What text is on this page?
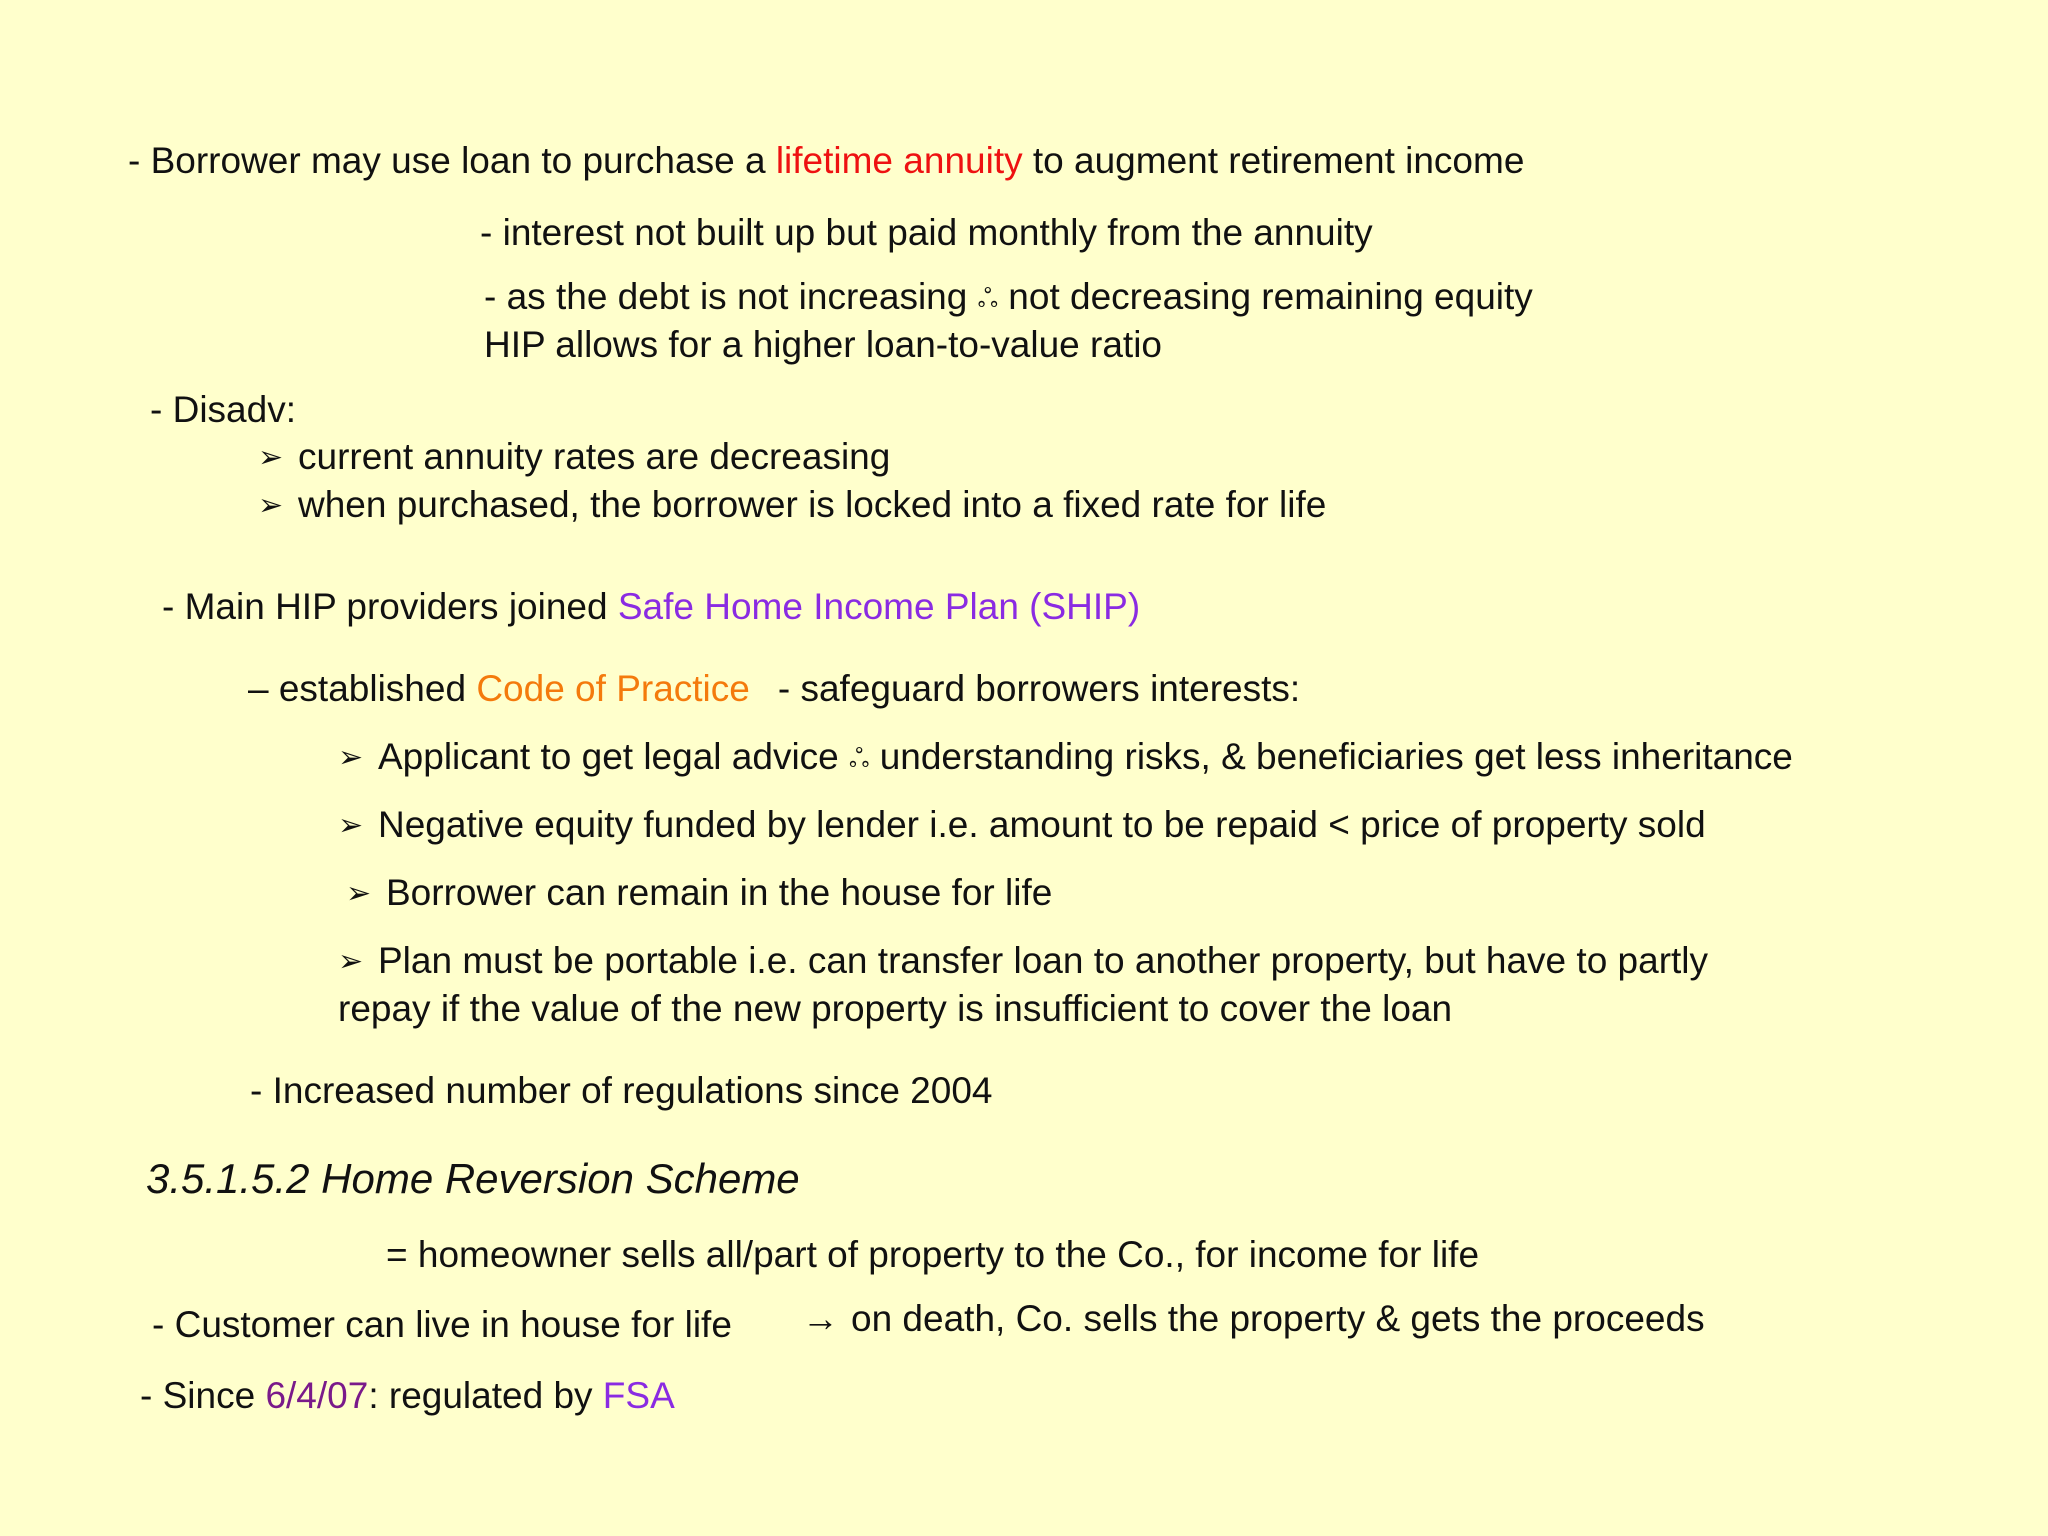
- Borrower may use loan to purchase a lifetime annuity to augment retirement income
- interest not built up but paid monthly from the annuity
- as the debt is not increasing ஃ not decreasing remaining equity
HIP allows for a higher loan-to-value ratio
- Disadv:
➢ current annuity rates are decreasing
➢ when purchased, the borrower is locked into a fixed rate for life
- Main HIP providers joined Safe Home Income Plan (SHIP)
– established Code of Practice - safeguard borrowers interests:
➢ Applicant to get legal advice ஃ understanding risks, & beneficiaries get less inheritance
➢ Negative equity funded by lender i.e. amount to be repaid < price of property sold
➢ Borrower can remain in the house for life
➢ Plan must be portable i.e. can transfer loan to another property, but have to partly
repay if the value of the new property is insufficient to cover the loan
- Increased number of regulations since 2004
3.5.1.5.2 Home Reversion Scheme
= homeowner sells all/part of property to the Co., for income for life
- Customer can live in house for life → on death, Co. sells the property & gets the proceeds
- Since 6/4/07: regulated by FSA
